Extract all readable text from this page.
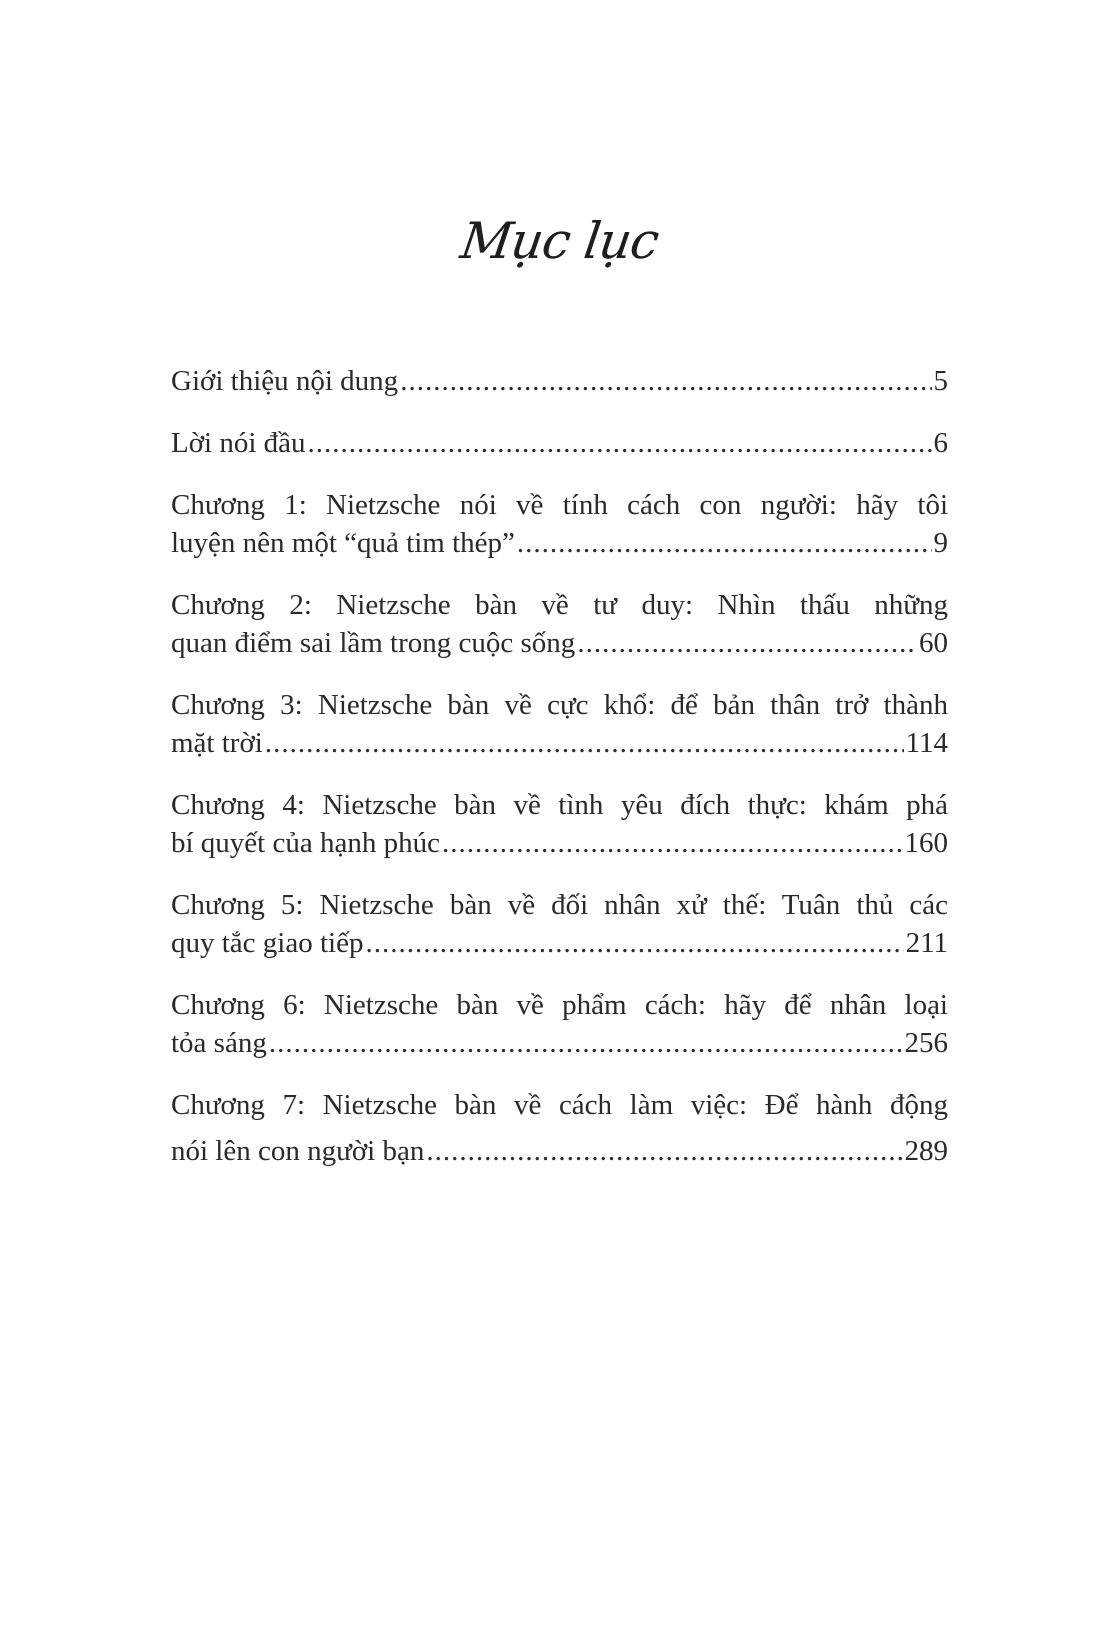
Mục lục
Giới thiệu nội dung .....	5
Lời nói đầu .....	6
Chương 1: Nietzsche nói về tính cách con người: hãy tôi
luyện nên một “quả tim thép” .....	9
Chương 2: Nietzsche bàn về tư duy: Nhìn thấu những
quan điểm sai lầm trong cuộc sống .....	60
Chương 3: Nietzsche bàn về cực khổ: để bản thân trở thành
mặt trời .....	114
Chương 4: Nietzsche bàn về tình yêu đích thực: khám phá
bí quyết của hạnh phúc .....	160
Chương 5: Nietzsche bàn về đối nhân xử thế: Tuân thủ các
quy tắc giao tiếp .....	211
Chương 6: Nietzsche bàn về phẩm cách: hãy để nhân loại
tỏa sáng .....	256
Chương 7: Nietzsche bàn về cách làm việc: Để hành động
nói lên con người bạn .....	289
